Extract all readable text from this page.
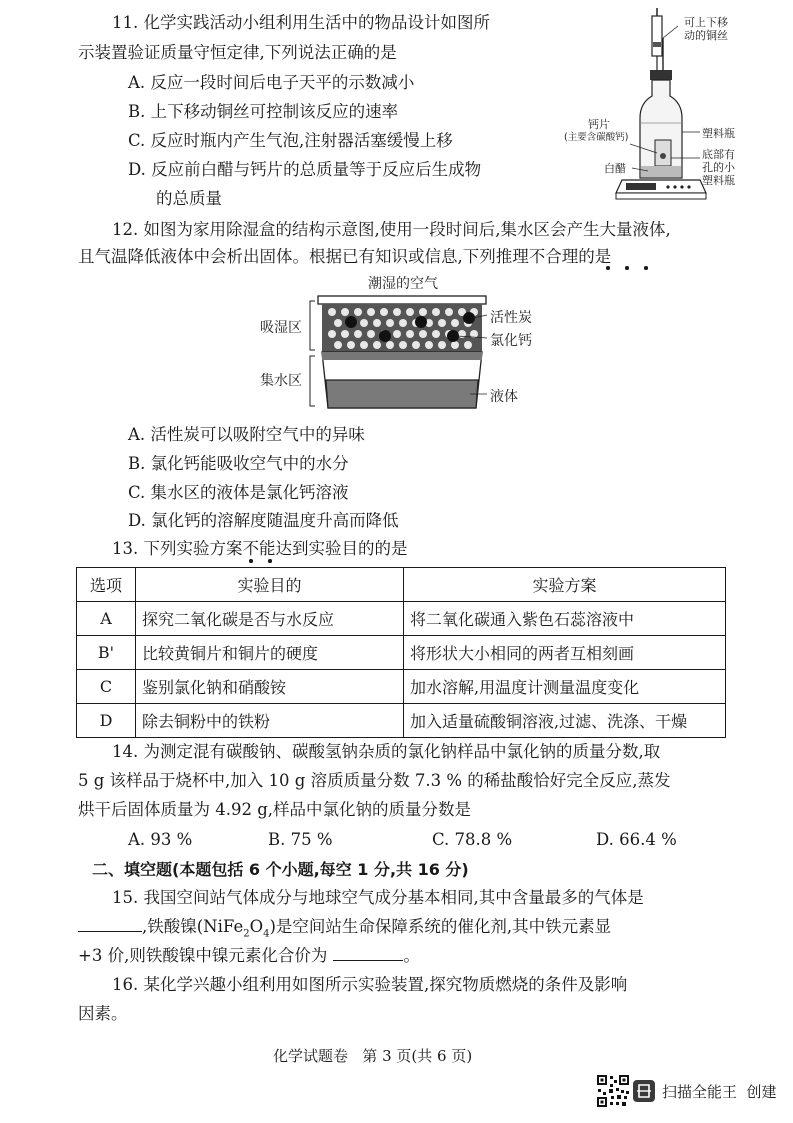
11. 化学实践活动小组利用生活中的物品设计如图所
示装置验证质量守恒定律,下列说法正确的是
A. 反应一段时间后电子天平的示数减小
B. 上下移动铜丝可控制该反应的速率
C. 反应时瓶内产生气泡,注射器活塞缓慢上移
D. 反应前白醋与钙片的总质量等于反应后生成物
的总质量
可上下移
动的铜丝
钙片
(主要含碳酸钙)
白醋
塑料瓶
底部有
孔的小
塑料瓶
12. 如图为家用除湿盒的结构示意图,使用一段时间后,集水区会产生大量液体,
且气温降低液体中会析出固体。根据已有知识或信息,下列推理不合理的是
潮湿的空气
吸湿区
集水区
活性炭
氯化钙
液体
A. 活性炭可以吸附空气中的异味
B. 氯化钙能吸收空气中的水分
C. 集水区的液体是氯化钙溶液
D. 氯化钙的溶解度随温度升高而降低
13. 下列实验方案不能达到实验目的的是
选项	实验目的	实验方案
A	探究二氧化碳是否与水反应	将二氧化碳通入紫色石蕊溶液中
B'	比较黄铜片和铜片的硬度	将形状大小相同的两者互相刻画
C	鉴别氯化钠和硝酸铵	加水溶解,用温度计测量温度变化
D	除去铜粉中的铁粉	加入适量硫酸铜溶液,过滤、洗涤、干燥
14. 为测定混有碳酸钠、碳酸氢钠杂质的氯化钠样品中氯化钠的质量分数,取
5 g 该样品于烧杯中,加入 10 g 溶质质量分数 7.3 % 的稀盐酸恰好完全反应,蒸发
烘干后固体质量为 4.92 g,样品中氯化钠的质量分数是
A. 93 %	B. 75 %	C. 78.8 %	D. 66.4 %
二、填空题(本题包括 6 个小题,每空 1 分,共 16 分)
15. 我国空间站气体成分与地球空气成分基本相同,其中含量最多的气体是
,铁酸镍$(NiFe_2O_4)$是空间站生命保障系统的催化剂,其中铁元素显
+3 价,则铁酸镍中镍元素化合价为	。
16. 某化学兴趣小组利用如图所示实验装置,探究物质燃烧的条件及影响
因素。
化学试题卷   第 3 页(共 6 页)
扫描全能王  创建
